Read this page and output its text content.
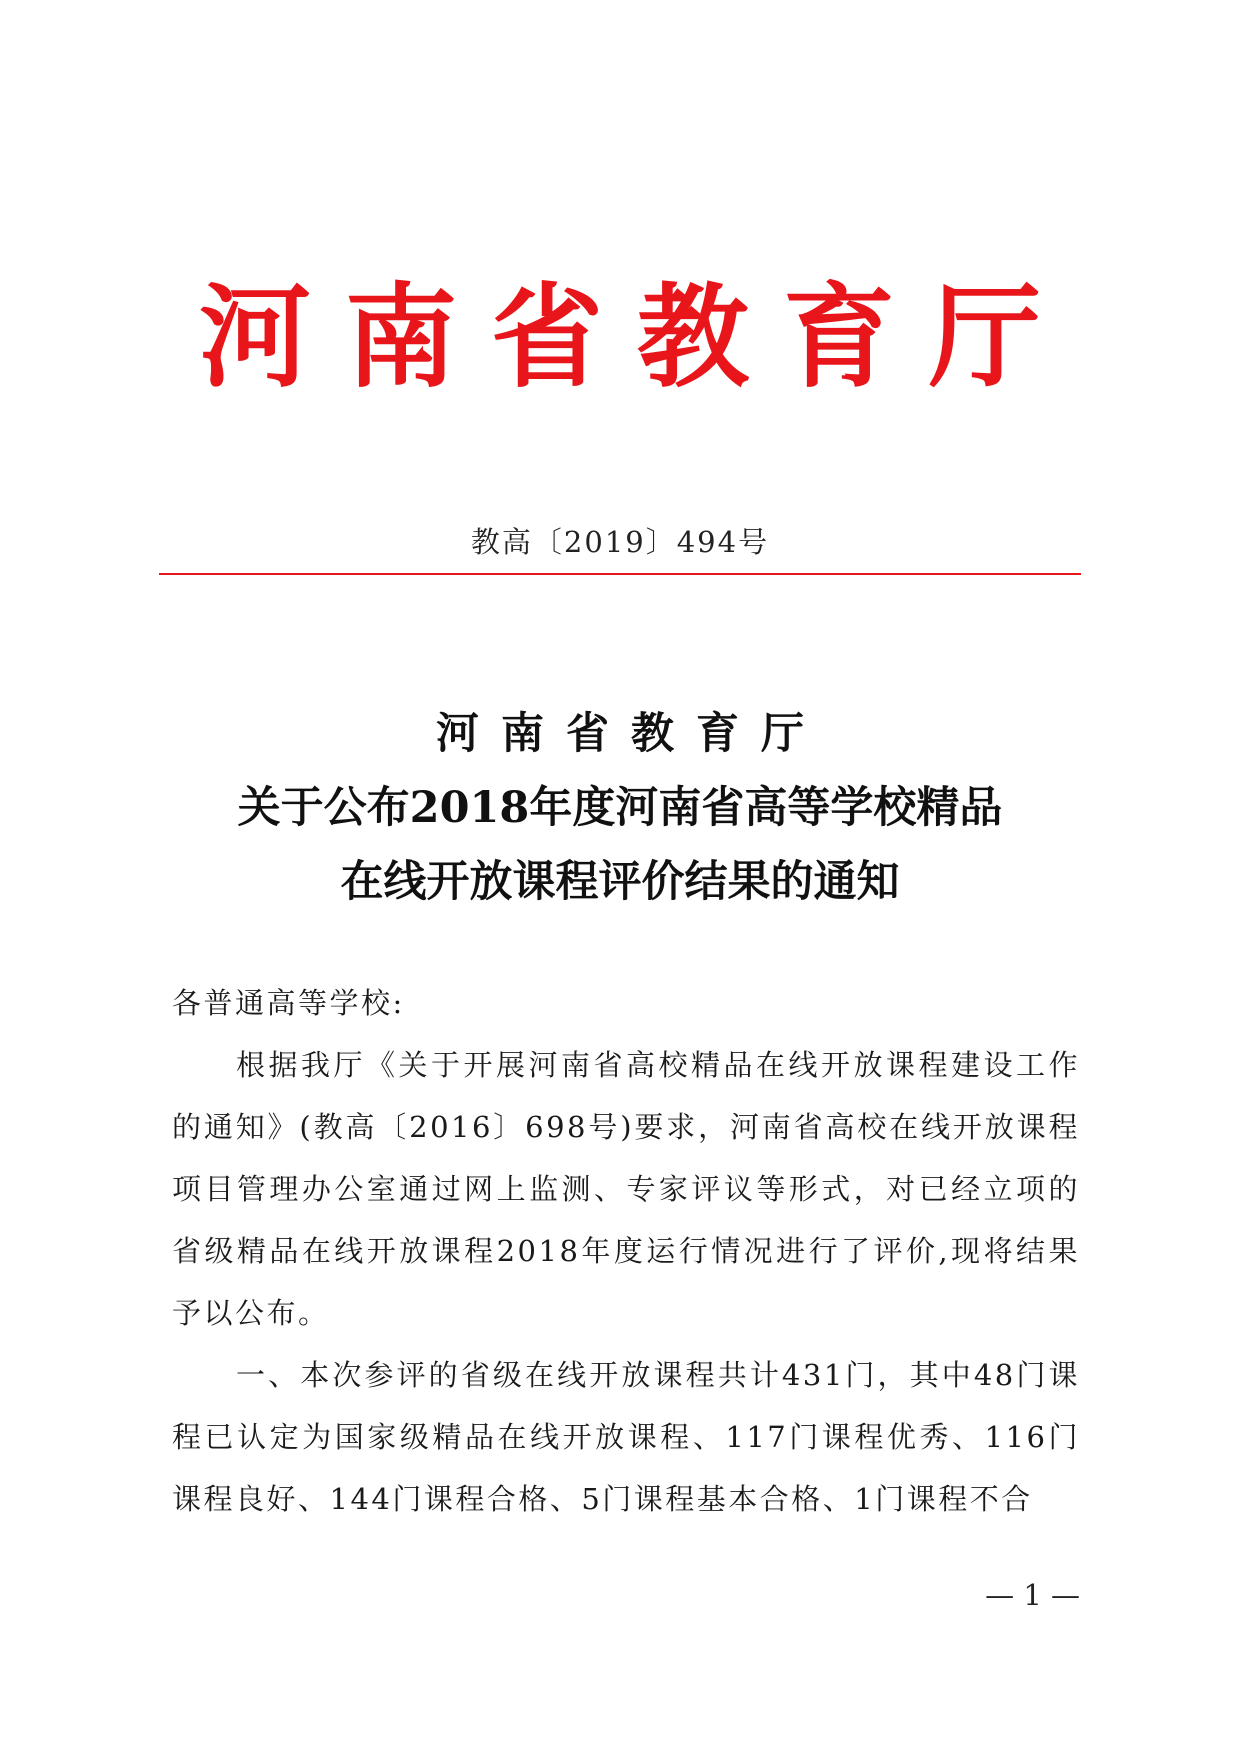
河南省教育厅
教高〔2019〕494号
河南省教育厅
关于公布2018年度河南省高等学校精品
在线开放课程评价结果的通知

各普通高等学校:

根据我厅《关于开展河南省高校精品在线开放课程建设工作的通知》(教高〔2016〕698号)要求，河南省高校在线开放课程项目管理办公室通过网上监测、专家评议等形式，对已经立项的省级精品在线开放课程2018年度运行情况进行了评价,现将结果予以公布。

一、本次参评的省级在线开放课程共计431门，其中48门课程已认定为国家级精品在线开放课程、117门课程优秀、116门课程良好、144门课程合格、5门课程基本合格、1门课程不合

— 1 —
